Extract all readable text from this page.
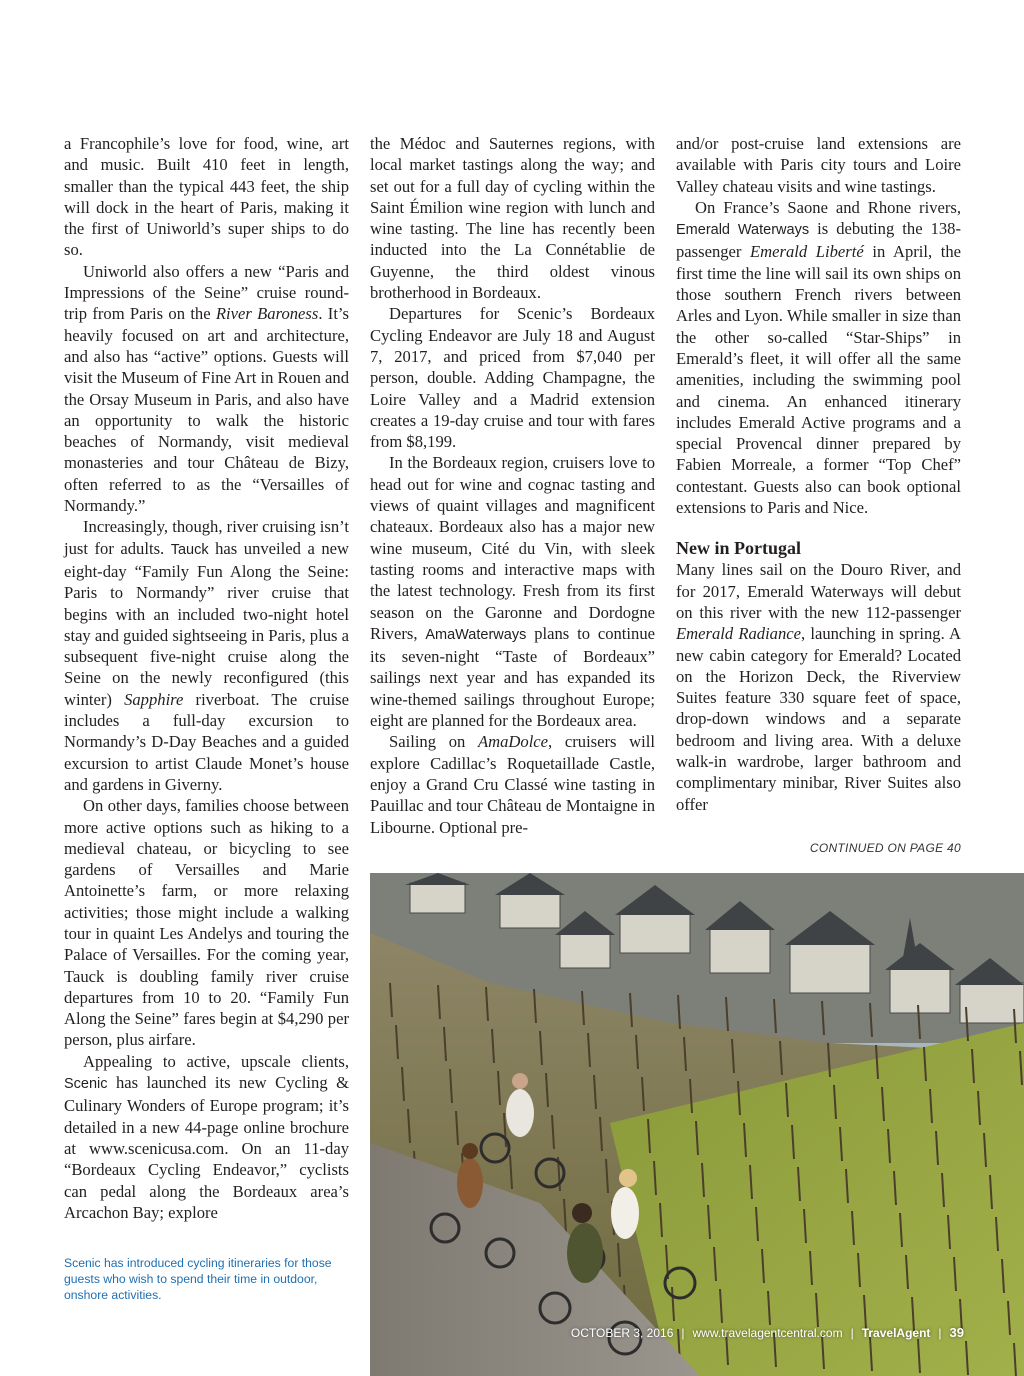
a Francophile’s love for food, wine, art and music. Built 410 feet in length, smaller than the typical 443 feet, the ship will dock in the heart of Paris, making it the first of Uniworld’s super ships to do so.

Uniworld also offers a new “Paris and Impressions of the Seine” cruise round-trip from Paris on the River Baroness. It’s heavily focused on art and architecture, and also has “active” options. Guests will visit the Museum of Fine Art in Rouen and the Orsay Museum in Paris, and also have an opportunity to walk the historic beaches of Normandy, visit medieval monasteries and tour Château de Bizy, often referred to as the “Versailles of Normandy.”

Increasingly, though, river cruising isn’t just for adults. Tauck has unveiled a new eight-day “Family Fun Along the Seine: Paris to Normandy” river cruise that begins with an included two-night hotel stay and guided sightseeing in Paris, plus a subsequent five-night cruise along the Seine on the newly reconfigured (this winter) Sapphire riverboat. The cruise includes a full-day excursion to Normandy’s D-Day Beaches and a guided excursion to artist Claude Monet’s house and gardens in Giverny.

On other days, families choose between more active options such as hiking to a medieval chateau, or bicycling to see gardens of Versailles and Marie Antoinette’s farm, or more relaxing activities; those might include a walking tour in quaint Les Andelys and touring the Palace of Versailles. For the coming year, Tauck is doubling family river cruise departures from 10 to 20. “Family Fun Along the Seine” fares begin at $4,290 per person, plus airfare.

Appealing to active, upscale clients, Scenic has launched its new Cycling & Culinary Wonders of Europe program; it’s detailed in a new 44-page online brochure at www.scenicusa.com. On an 11-day “Bordeaux Cycling Endeavor,” cyclists can pedal along the Bordeaux area’s Arcachon Bay; explore

the Médoc and Sauternes regions, with local market tastings along the way; and set out for a full day of cycling within the Saint Émilion wine region with lunch and wine tasting. The line has recently been inducted into the La Connétablie de Guyenne, the third oldest vinous brotherhood in Bordeaux.

Departures for Scenic’s Bordeaux Cycling Endeavor are July 18 and August 7, 2017, and priced from $7,040 per person, double. Adding Champagne, the Loire Valley and a Madrid extension creates a 19-day cruise and tour with fares from $8,199.

In the Bordeaux region, cruisers love to head out for wine and cognac tasting and views of quaint villages and magnificent chateaux. Bordeaux also has a major new wine museum, Cité du Vin, with sleek tasting rooms and interactive maps with the latest technology. Fresh from its first season on the Garonne and Dordogne Rivers, AmaWaterways plans to continue its seven-night “Taste of Bordeaux” sailings next year and has expanded its wine-themed sailings throughout Europe; eight are planned for the Bordeaux area.

Sailing on AmaDolce, cruisers will explore Cadillac’s Roquetaillade Castle, enjoy a Grand Cru Classé wine tasting in Pauillac and tour Château de Montaigne in Libourne. Optional pre-

and/or post-cruise land extensions are available with Paris city tours and Loire Valley chateau visits and wine tastings.

On France’s Saone and Rhone rivers, Emerald Waterways is debuting the 138-passenger Emerald Liberté in April, the first time the line will sail its own ships on those southern French rivers between Arles and Lyon. While smaller in size than the other so-called “Star-Ships” in Emerald’s fleet, it will offer all the same amenities, including the swimming pool and cinema. An enhanced itinerary includes Emerald Active programs and a special Provencal dinner prepared by Fabien Morreale, a former “Top Chef” contestant. Guests also can book optional extensions to Paris and Nice.

New in Portugal

Many lines sail on the Douro River, and for 2017, Emerald Waterways will debut on this river with the new 112-passenger Emerald Radiance, launching in spring. A new cabin category for Emerald? Located on the Horizon Deck, the Riverview Suites feature 330 square feet of space, drop-down windows and a separate bedroom and living area. With a deluxe walk-in wardrobe, larger bathroom and complimentary minibar, River Suites also offer

CONTINUED ON PAGE 40
Scenic has introduced cycling itineraries for those guests who wish to spend their time in outdoor, onshore activities.
OCTOBER 3, 2016 | www.travelagentcentral.com | TravelAgent | 39
